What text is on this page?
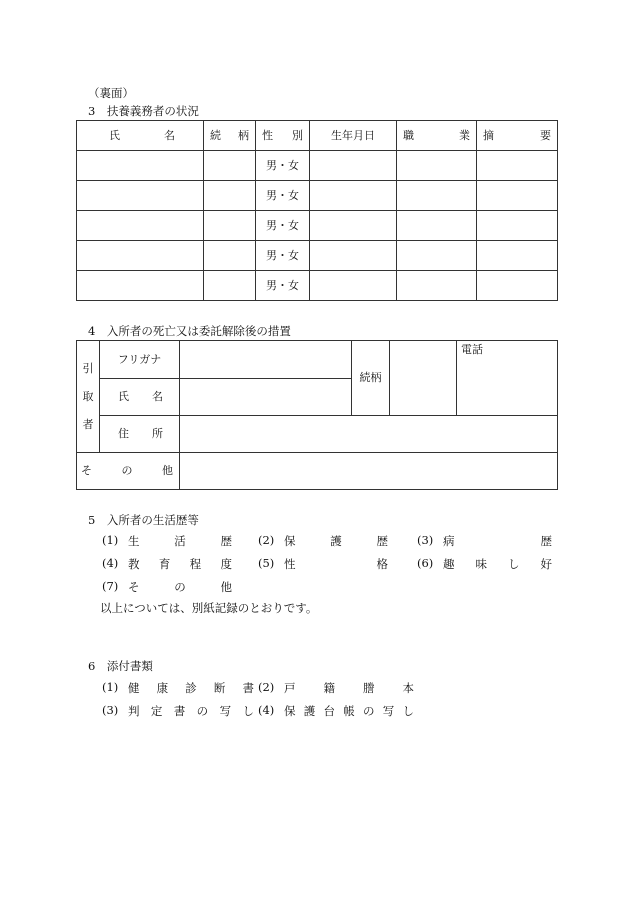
（裏面）
3　扶養義務者の状況
氏 名	続 柄	性 別	生年月日	職 業	摘 要

		男・女			
		男・女			
		男・女			
		男・女			
		男・女			
4　入所者の死亡又は委託解除後の措置
引
取
者	フリガナ		続柄		電話

	氏 名				

	住 所				

そ の 他					

5　入所者の生活歴等
(1) 生	活	歴 (2) 保	護	歴	(3) 病	歴
(4) 教 育 程 度 (5) 性	格	(6) 趣 味 し 好
(7) そ	の	他
以上については、別紙記録のとおりです。
6　添付書類
(1) 健 康 診 断 書 (2) 戸 籍 謄 本
(3) 判 定 書 の 写 し (4) 保 護 台 帳 の 写 し
